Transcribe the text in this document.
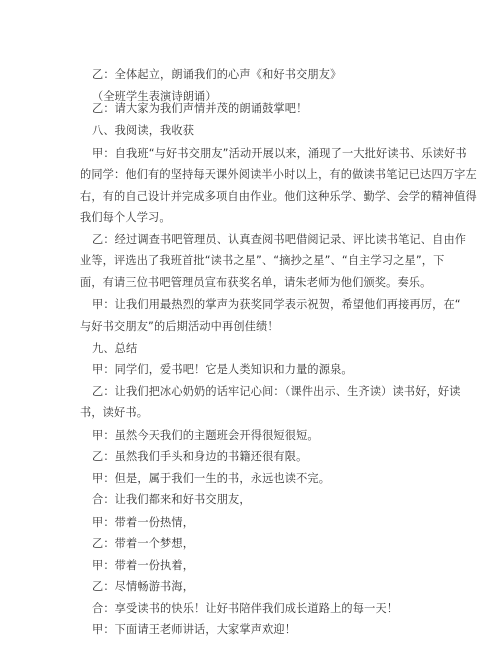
乙：全体起立，朗诵我们的心声《和好书交朋友》
（全班学生表演诗朗诵）
乙：请大家为我们声情并茂的朗诵鼓掌吧！
八、我阅读，我收获
甲：自我班“与好书交朋友”活动开展以来，涌现了一大批好读书、乐读好书
的同学：他们有的坚持每天课外阅读半小时以上，有的做读书笔记已达四万字左
右，有的自己设计并完成多项自由作业。他们这种乐学、勤学、会学的精神值得
我们每个人学习。
乙：经过调查书吧管理员、认真查阅书吧借阅记录、评比读书笔记、自由作
业等，评选出了我班首批“读书之星”、“摘抄之星”、“自主学习之星”，下
面，有请三位书吧管理员宣布获奖名单，请朱老师为他们颁奖。奏乐。
甲：让我们用最热烈的掌声为获奖同学表示祝贺，希望他们再接再厉，在“
与好书交朋友”的后期活动中再创佳绩！
九、总结
甲：同学们，爱书吧！它是人类知识和力量的源泉。
乙：让我们把冰心奶奶的话牢记心间：（课件出示、生齐读）读书好，好读
书，读好书。
甲：虽然今天我们的主题班会开得很短很短。
乙：虽然我们手头和身边的书籍还很有限。
甲：但是，属于我们一生的书，永远也读不完。
合：让我们都来和好书交朋友，
甲：带着一份热情，
乙：带着一个梦想，
甲：带着一份执着，
乙：尽情畅游书海，
合：享受读书的快乐！让好书陪伴我们成长道路上的每一天！
甲：下面请王老师讲话，大家掌声欢迎！
